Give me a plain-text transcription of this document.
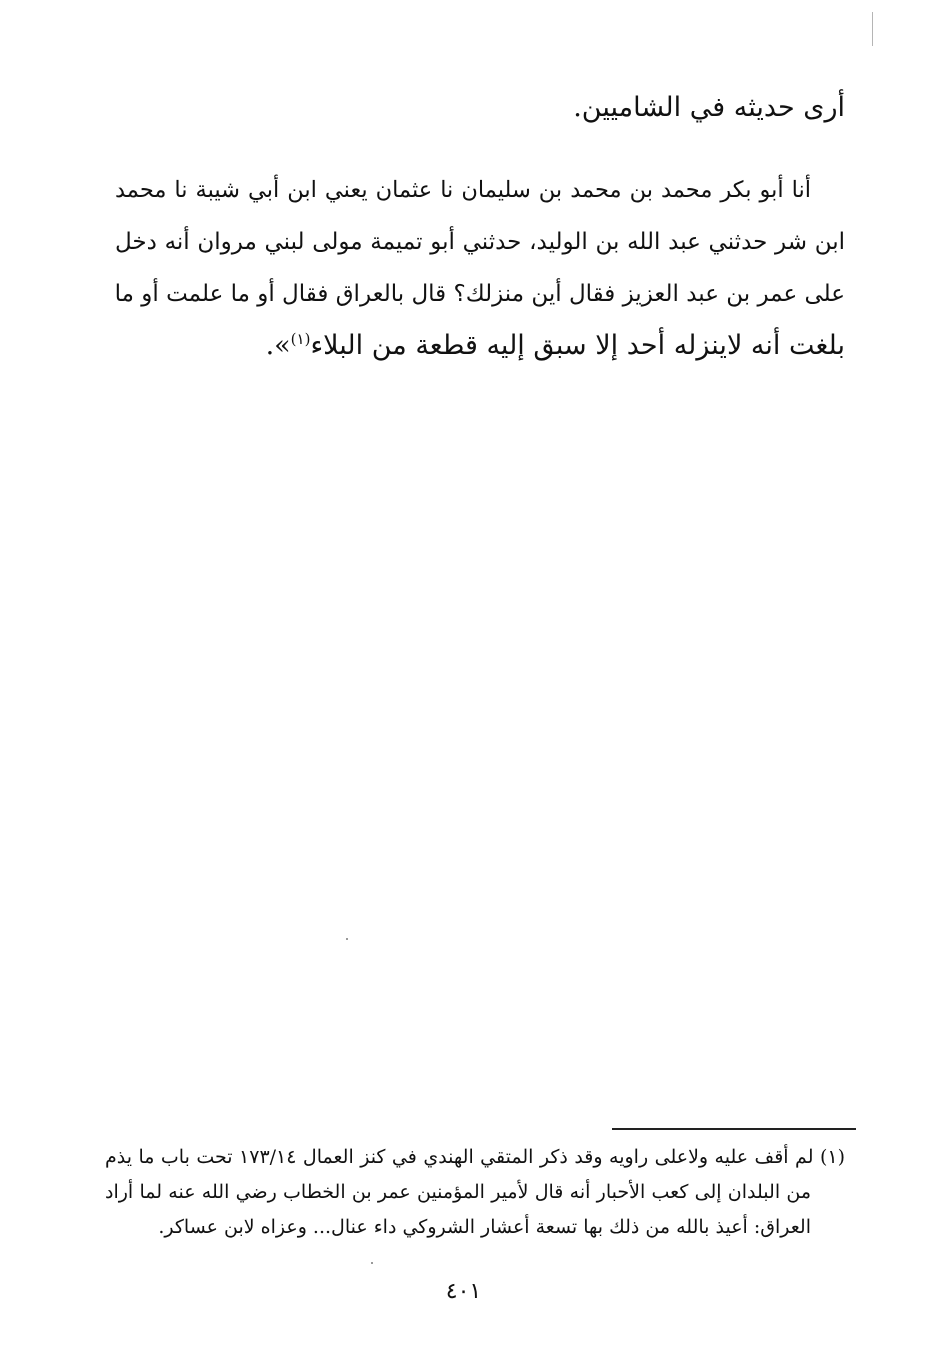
أرى حديثه في الشاميين.
أنا أبو بكر محمد بن محمد بن سليمان نا عثمان يعني ابن أبي شيبة نا محمد
ابن شر حدثني عبد الله بن الوليد، حدثني أبو تميمة مولى لبني مروان أنه دخل
على عمر بن عبد العزيز فقال أين منزلك؟ قال بالعراق فقال أو ما علمت أو ما
بلغت أنه لاينزله أحد إلا سبق إليه قطعة من البلاء$^{(١)}$».
(١) لم أقف عليه ولاعلى راويه وقد ذكر المتقي الهندي في كنز العمال ١٧٣/١٤ تحت باب ما يذم
من البلدان إلى كعب الأحبار أنه قال لأمير المؤمنين عمر بن الخطاب رضي الله عنه لما أراد
العراق: أعيذ بالله من ذلك بها تسعة أعشار الشروكي داء عنال... وعزاه لابن عساكر.
٤٠١
